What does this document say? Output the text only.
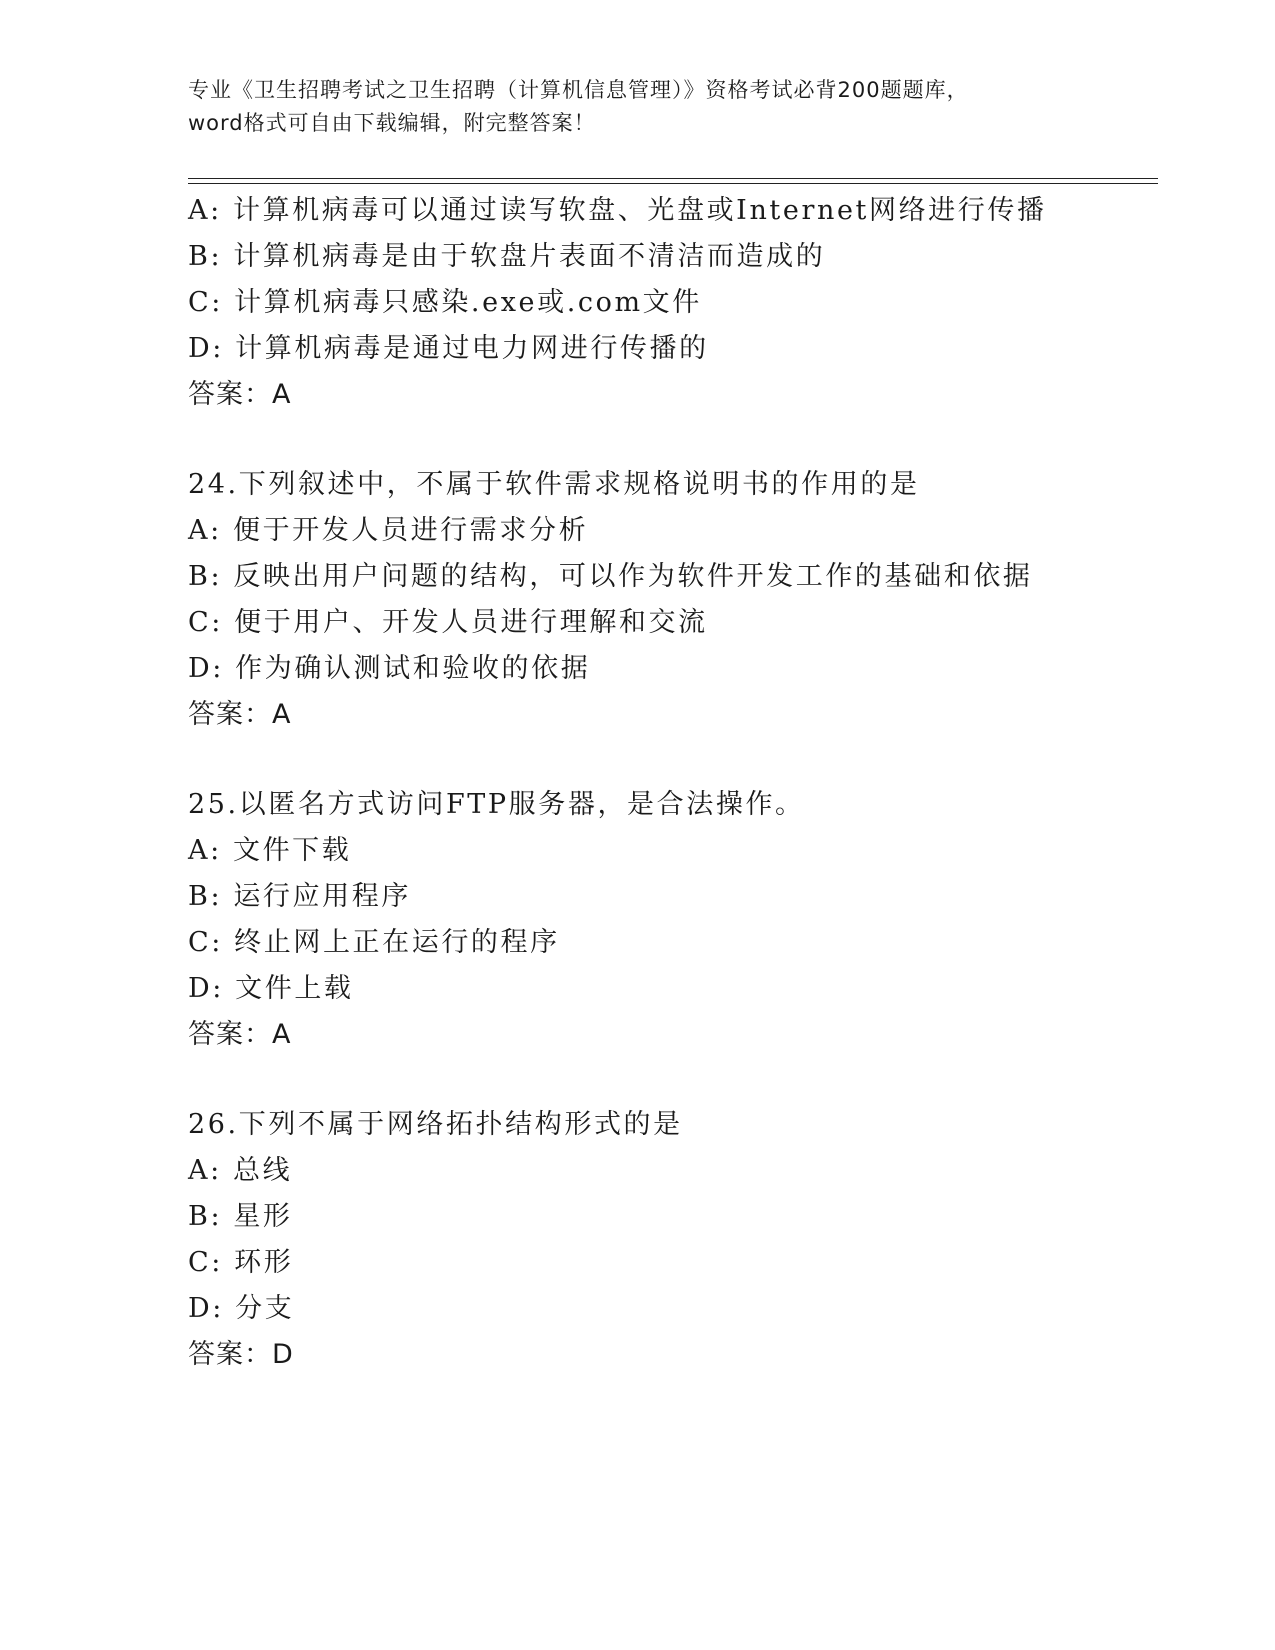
专业《卫生招聘考试之卫生招聘（计算机信息管理）》资格考试必背200题题库，
word格式可自由下载编辑，附完整答案！
A: 计算机病毒可以通过读写软盘、光盘或Internet网络进行传播
B: 计算机病毒是由于软盘片表面不清洁而造成的
C: 计算机病毒只感染.exe或.com文件
D: 计算机病毒是通过电力网进行传播的
答案：A
24.下列叙述中，不属于软件需求规格说明书的作用的是
A: 便于开发人员进行需求分析
B: 反映出用户问题的结构，可以作为软件开发工作的基础和依据
C: 便于用户、开发人员进行理解和交流
D: 作为确认测试和验收的依据
答案：A
25.以匿名方式访问FTP服务器，是合法操作。
A: 文件下载
B: 运行应用程序
C: 终止网上正在运行的程序
D: 文件上载
答案：A
26.下列不属于网络拓扑结构形式的是
A: 总线
B: 星形
C: 环形
D: 分支
答案：D
